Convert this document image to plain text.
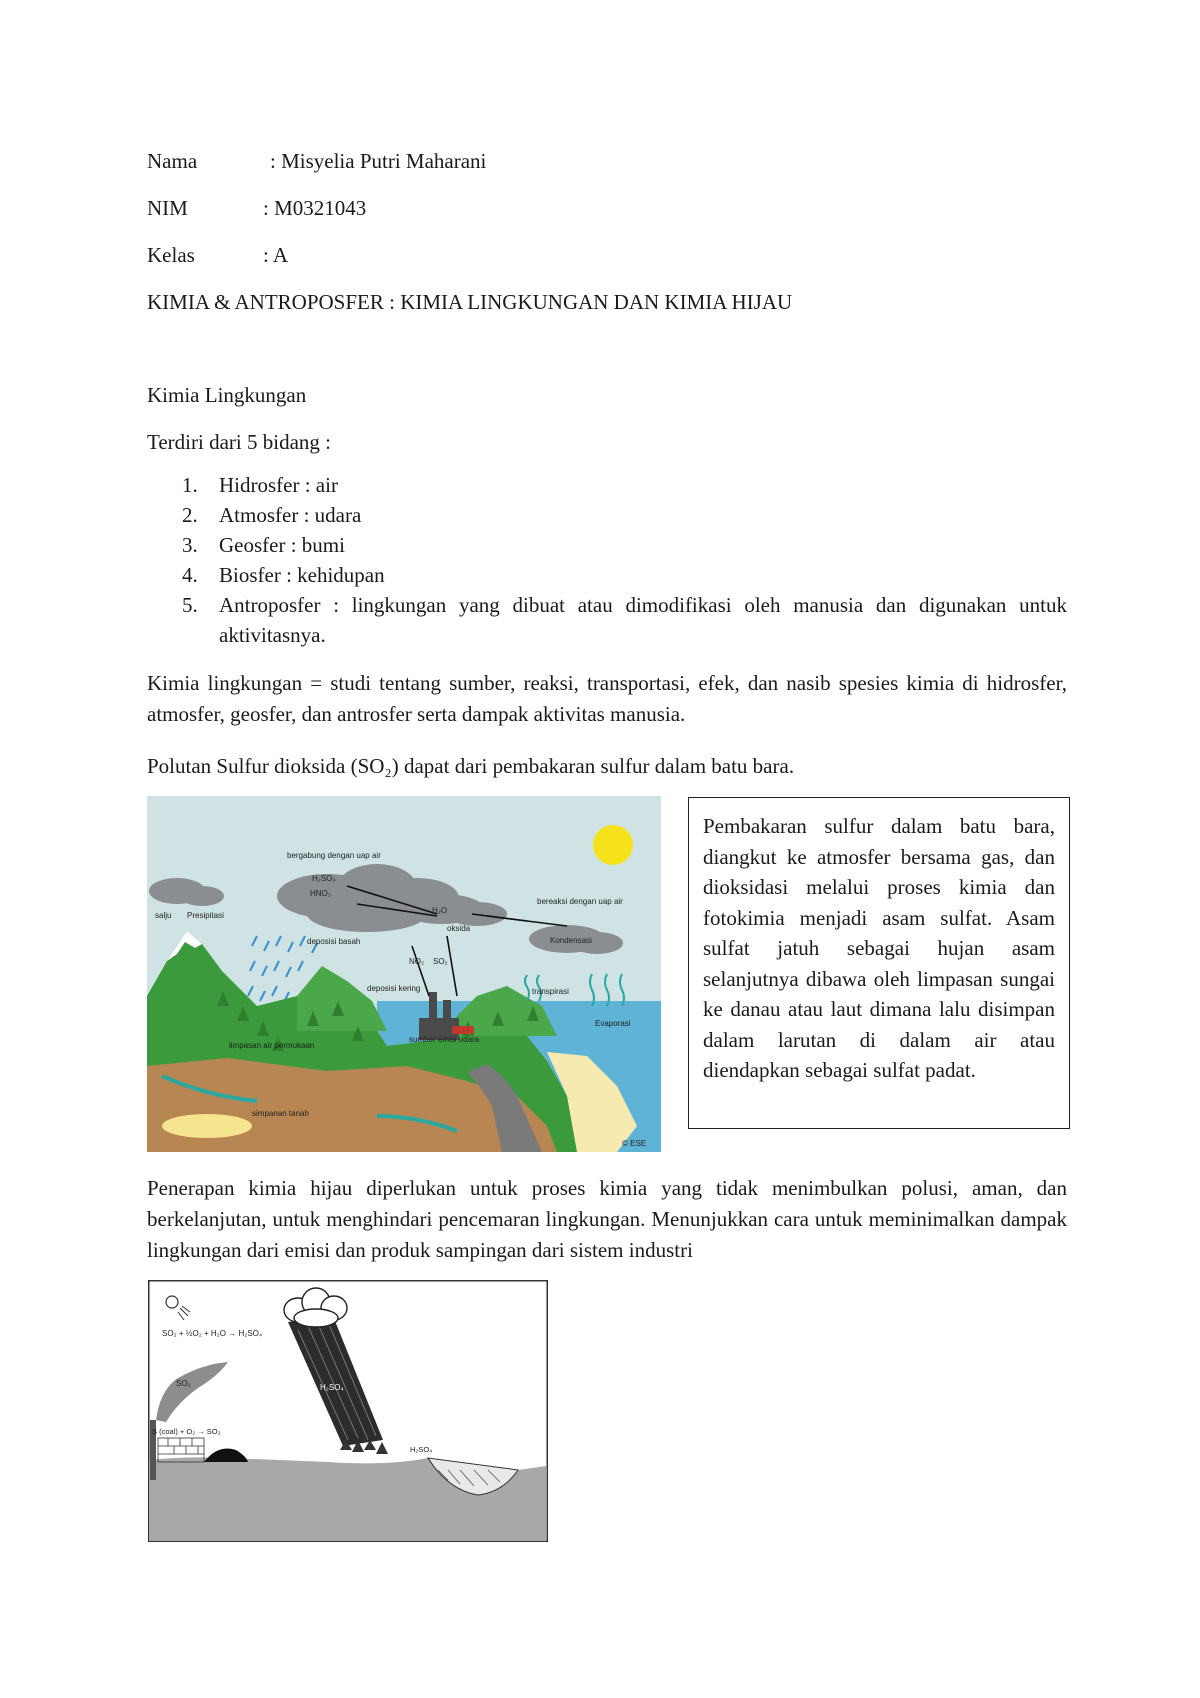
Nama	: Misyelia Putri Maharani
NIM	: M0321043
Kelas	: A
KIMIA & ANTROPOSFER : KIMIA LINGKUNGAN DAN KIMIA HIJAU
Kimia Lingkungan
Terdiri dari 5 bidang :
1. Hidrosfer : air
2. Atmosfer : udara
3. Geosfer : bumi
4. Biosfer : kehidupan
5. Antroposfer : lingkungan yang dibuat atau dimodifikasi oleh manusia dan digunakan untuk aktivitasnya.
Kimia lingkungan = studi tentang sumber, reaksi, transportasi, efek, dan nasib spesies kimia di hidrosfer, atmosfer, geosfer, dan antrosfer serta dampak aktivitas manusia.
Polutan Sulfur dioksida (SO₂) dapat dari pembakaran sulfur dalam batu bara.
bergabung dengan uap air
H₂SO₄
HNO₃
H₂O
oksida
bereaksi dengan uap air
Kondensasi
salju Presipitasi
deposisi basah
NO₂ SO₂
deposisi kering	transpirasi
Evaporasi
limpasan air permukaan
sumber emisi udara
simpanan tanah
© ESE

Pembakaran sulfur dalam batu bara, diangkut ke atmosfer bersama gas, dan dioksidasi melalui proses kimia dan fotokimia menjadi asam sulfat. Asam sulfat jatuh sebagai hujan asam selanjutnya dibawa oleh limpasan sungai ke danau atau laut dimana lalu disimpan dalam larutan di dalam air atau diendapkan sebagai sulfat padat.

Penerapan kimia hijau diperlukan untuk proses kimia yang tidak menimbulkan polusi, aman, dan berkelanjutan, untuk menghindari pencemaran lingkungan. Menunjukkan cara untuk meminimalkan dampak lingkungan dari emisi dan produk sampingan dari sistem industri
SO₂ + ½O₂ + H₂O → H₂SO₄
SO₂
S (coal) + O₂ → SO₂
H₂SO₄
H₂SO₄
